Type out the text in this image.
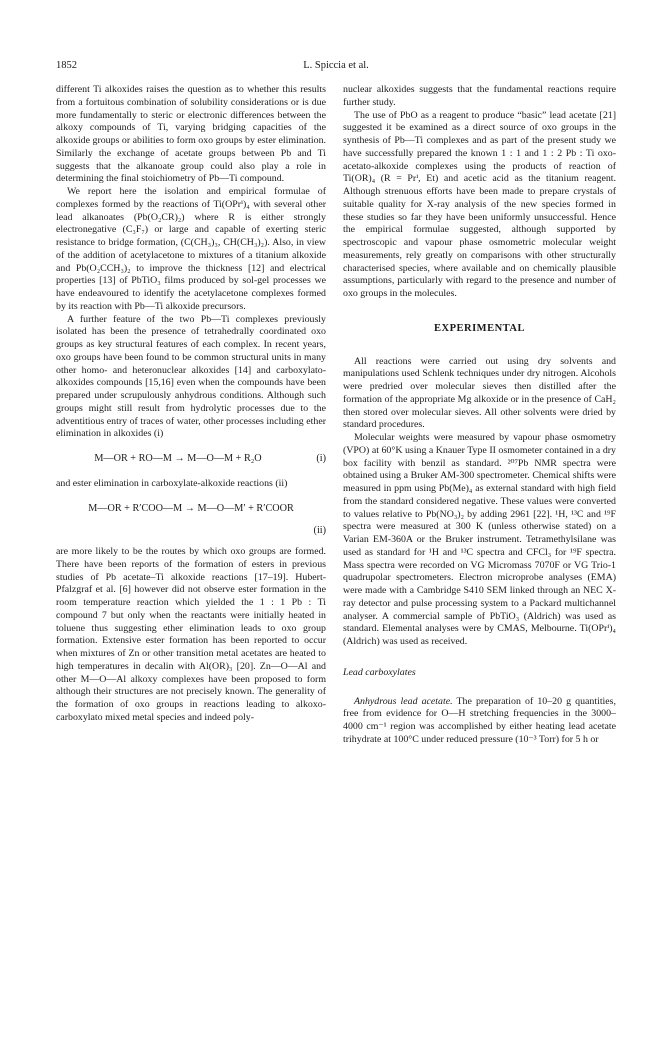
1852	L. Spiccia et al.

different Ti alkoxides raises the question as to whether this results from a fortuitous combination of solubility considerations or is due more fundamentally to steric or electronic differences between the alkoxy compounds of Ti, varying bridging capacities of the alkoxide groups or abilities to form oxo groups by ester elimination. Similarly the exchange of acetate groups between Pb and Ti suggests that the alkanoate group could also play a role in determining the final stoichiometry of Pb—Ti compound.

We report here the isolation and empirical formulae of complexes formed by the reactions of Ti(OPrⁱ)₄ with several other lead alkanoates (Pb(O₂CR)₂) where R is either strongly electronegative (C₃F₇) or large and capable of exerting steric resistance to bridge formation, (C(CH₃)₃, CH(CH₃)₂). Also, in view of the addition of acetylacetone to mixtures of a titanium alkoxide and Pb(O₂CCH₃)₂ to improve the thickness [12] and electrical properties [13] of PbTiO₃ films produced by sol-gel processes we have endeavoured to identify the acetylacetone complexes formed by its reaction with Pb—Ti alkoxide precursors.

A further feature of the two Pb—Ti complexes previously isolated has been the presence of tetrahedrally coordinated oxo groups as key structural features of each complex. In recent years, oxo groups have been found to be common structural units in many other homo- and heteronuclear alkoxides [14] and carboxylato-alkoxides compounds [15,16] even when the compounds have been prepared under scrupulously anhydrous conditions. Although such groups might still result from hydrolytic processes due to the adventitious entry of traces of water, other processes including ether elimination in alkoxides (i)

M—OR + RO—M → M—O—M + R₂O	(i)

and ester elimination in carboxylate-alkoxide reactions (ii)

M—OR + R′COO—M → M—O—M′ + R′COOR
(ii)

are more likely to be the routes by which oxo groups are formed. There have been reports of the formation of esters in previous studies of Pb acetate–Ti alkoxide reactions [17–19]. Hubert-Pfalzgraf et al. [6] however did not observe ester formation in the room temperature reaction which yielded the 1 : 1 Pb : Ti compound 7 but only when the reactants were initially heated in toluene thus suggesting ether elimination leads to oxo group formation. Extensive ester formation has been reported to occur when mixtures of Zn or other transition metal acetates are heated to high temperatures in decalin with Al(OR)₃ [20]. Zn—O—Al and other M—O—Al alkoxy complexes have been proposed to form although their structures are not precisely known. The generality of the formation of oxo groups in reactions leading to alkoxo-carboxylato mixed metal species and indeed poly-

nuclear alkoxides suggests that the fundamental reactions require further study.

The use of PbO as a reagent to produce “basic” lead acetate [21] suggested it be examined as a direct source of oxo groups in the synthesis of Pb—Ti complexes and as part of the present study we have successfully prepared the known 1 : 1 and 1 : 2 Pb : Ti oxo-acetato-alkoxide complexes using the products of reaction of Ti(OR)₄ (R = Prⁱ, Et) and acetic acid as the titanium reagent. Although strenuous efforts have been made to prepare crystals of suitable quality for X-ray analysis of the new species formed in these studies so far they have been uniformly unsuccessful. Hence the empirical formulae suggested, although supported by spectroscopic and vapour phase osmometric molecular weight measurements, rely greatly on comparisons with other structurally characterised species, where available and on chemically plausible assumptions, particularly with regard to the presence and number of oxo groups in the molecules.

EXPERIMENTAL

All reactions were carried out using dry solvents and manipulations used Schlenk techniques under dry nitrogen. Alcohols were predried over molecular sieves then distilled after the formation of the appropriate Mg alkoxide or in the presence of CaH₂ then stored over molecular sieves. All other solvents were dried by standard procedures.

Molecular weights were measured by vapour phase osmometry (VPO) at 60°K using a Knauer Type II osmometer contained in a dry box facility with benzil as standard. ²⁰⁷Pb NMR spectra were obtained using a Bruker AM-300 spectrometer. Chemical shifts were measured in ppm using Pb(Me)₄ as external standard with high field from the standard considered negative. These values were converted to values relative to Pb(NO₃)₂ by adding 2961 [22]. ¹H, ¹³C and ¹⁹F spectra were measured at 300 K (unless otherwise stated) on a Varian EM-360A or the Bruker instrument. Tetramethylsilane was used as standard for ¹H and ¹³C spectra and CFCl₃ for ¹⁹F spectra. Mass spectra were recorded on VG Micromass 7070F or VG Trio-1 quadrupolar spectrometers. Electron microprobe analyses (EMA) were made with a Cambridge S410 SEM linked through an NEC X-ray detector and pulse processing system to a Packard multichannel analyser. A commercial sample of PbTiO₃ (Aldrich) was used as standard. Elemental analyses were by CMAS, Melbourne. Ti(OPrⁱ)₄ (Aldrich) was used as received.

Lead carboxylates

Anhydrous lead acetate. The preparation of 10–20 g quantities, free from evidence for O—H stretching frequencies in the 3000–4000 cm⁻¹ region was accomplished by either heating lead acetate trihydrate at 100°C under reduced pressure (10⁻³ Torr) for 5 h or
